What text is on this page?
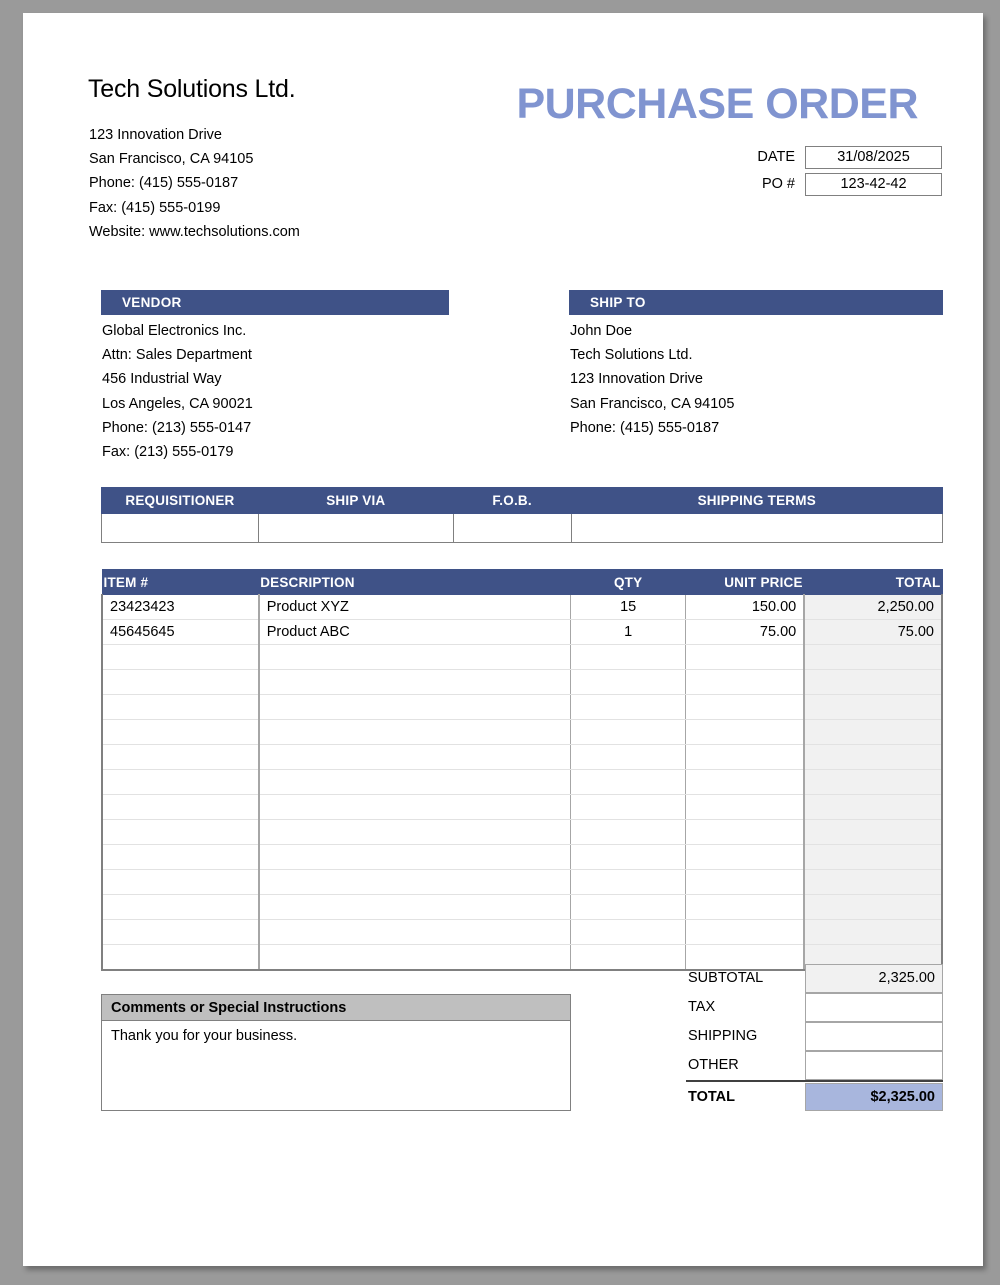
Tech Solutions Ltd.
123 Innovation Drive
San Francisco, CA 94105
Phone: (415) 555-0187
Fax: (415) 555-0199
Website: www.techsolutions.com
PURCHASE ORDER
DATE	31/08/2025
PO #	123-42-42
VENDOR
Global Electronics Inc.
Attn: Sales Department
456 Industrial Way
Los Angeles, CA 90021
Phone: (213) 555-0147
Fax: (213) 555-0179
SHIP TO
John Doe
Tech Solutions Ltd.
123 Innovation Drive
San Francisco, CA 94105
Phone: (415) 555-0187
REQUISITIONER	SHIP VIA	F.O.B.	SHIPPING TERMS

ITEM #	DESCRIPTION	QTY	UNIT PRICE	TOTAL
23423423	Product XYZ	15	150.00	2,250.00
45645645	Product ABC	1	75.00	75.00

Comments or Special Instructions
Thank you for your business.
SUBTOTAL	2,325.00
TAX
SHIPPING
OTHER
TOTAL	$2,325.00
